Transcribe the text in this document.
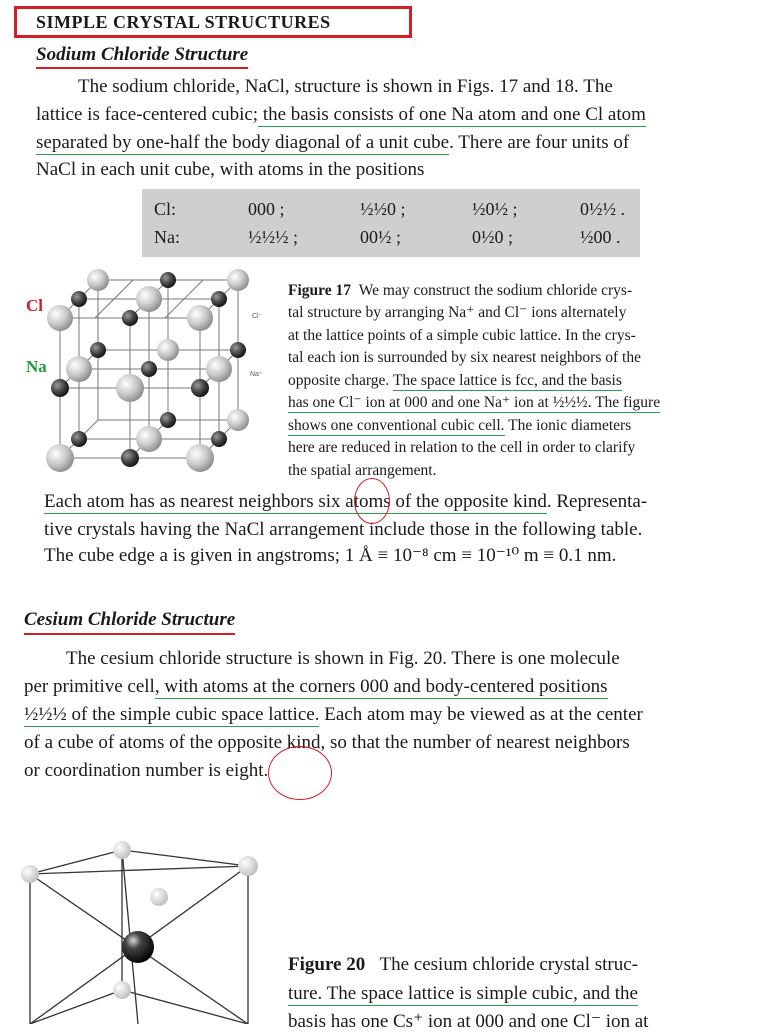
SIMPLE CRYSTAL STRUCTURES
Sodium Chloride Structure
The sodium chloride, NaCl, structure is shown in Figs. 17 and 18. The
lattice is face-centered cubic; the basis consists of one Na atom and one Cl atom
separated by one-half the body diagonal of a unit cube. There are four units of
NaCl in each unit cube, with atoms in the positions
Cl:	000 ;	½½0 ;	½0½ ;	0½½ .
Na:	½½½ ;	00½ ;	0½0 ;	½00 .
Cl
Na
Cl⁻
Na⁺
Figure 17 We may construct the sodium chloride crys-
tal structure by arranging Na⁺ and Cl⁻ ions alternately
at the lattice points of a simple cubic lattice. In the crys-
tal each ion is surrounded by six nearest neighbors of the
opposite charge. The space lattice is fcc, and the basis
has one Cl⁻ ion at 000 and one Na⁺ ion at ½½½. The figure
shows one conventional cubic cell. The ionic diameters
here are reduced in relation to the cell in order to clarify
the spatial arrangement.
Each atom has as nearest neighbors six atoms of the opposite kind. Representa-
tive crystals having the NaCl arrangement include those in the following table.
The cube edge a is given in angstroms; 1 Å ≡ 10⁻⁸ cm ≡ 10⁻¹⁰ m ≡ 0.1 nm.
Cesium Chloride Structure
The cesium chloride structure is shown in Fig. 20. There is one molecule
per primitive cell, with atoms at the corners 000 and body-centered positions
½½½ of the simple cubic space lattice. Each atom may be viewed as at the center
of a cube of atoms of the opposite kind, so that the number of nearest neighbors
or coordination number is eight.
Figure 20 The cesium chloride crystal struc-
ture. The space lattice is simple cubic, and the
basis has one Cs⁺ ion at 000 and one Cl⁻ ion at
